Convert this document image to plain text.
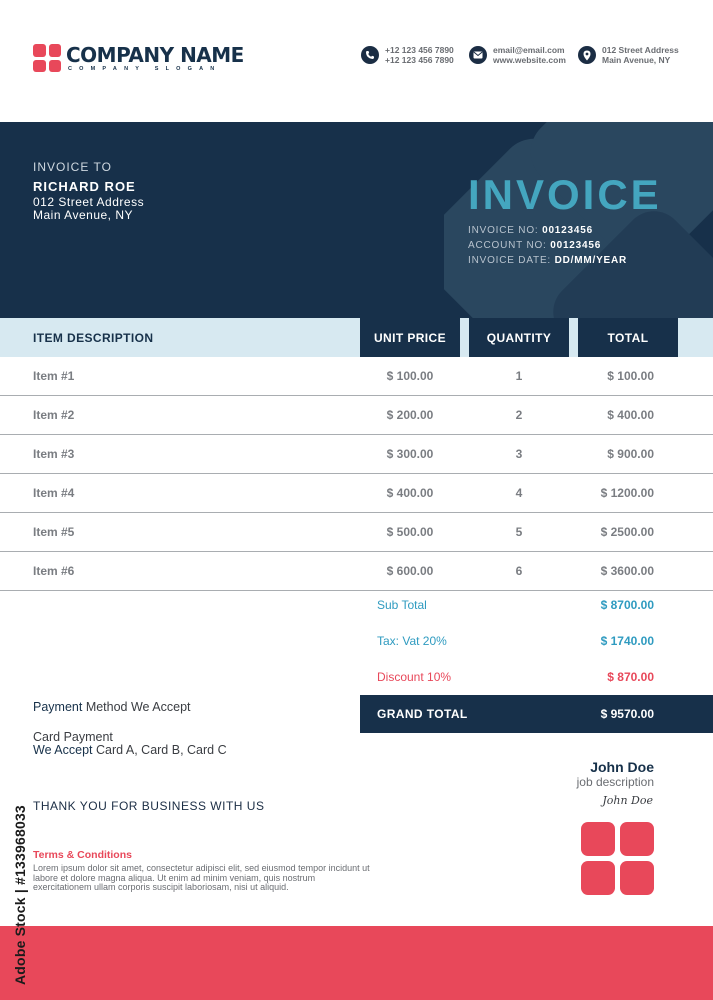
COMPANY NAME
COMPANY SLOGAN
+12 123 456 7890
+12 123 456 7890
email@email.com
www.website.com
012 Street Address
Main Avenue, NY
INVOICE TO
RICHARD ROE
012 Street Address
Main Avenue, NY	INVOICE
INVOICE NO: 00123456
ACCOUNT NO: 00123456
INVOICE DATE: DD/MM/YEAR
ITEM DESCRIPTION	UNIT PRICE	QUANTITY	TOTAL
Item #1	$ 100.00	1	$ 100.00
Item #2	$ 200.00	2	$ 400.00
Item #3	$ 300.00	3	$ 900.00
Item #4	$ 400.00	4	$ 1200.00
Item #5	$ 500.00	5	$ 2500.00
Item #6	$ 600.00	6	$ 3600.00
Sub Total	$ 8700.00
Tax: Vat 20%	$ 1740.00
Discount 10%	$ 870.00
GRAND TOTAL	$ 9570.00
Payment Method We Accept
Card Payment
We Accept Card A, Card B, Card C
THANK YOU FOR BUSINESS WITH US
Terms & Conditions
Lorem ipsum dolor sit amet, consectetur adipisci elit, sed eiusmod tempor incidunt ut labore et dolore magna aliqua. Ut enim ad minim veniam, quis nostrum exercitationem ullam corporis suscipit laboriosam, nisi ut aliquid.
John Doe
job description
John Doe
Adobe Stock | #133968033
